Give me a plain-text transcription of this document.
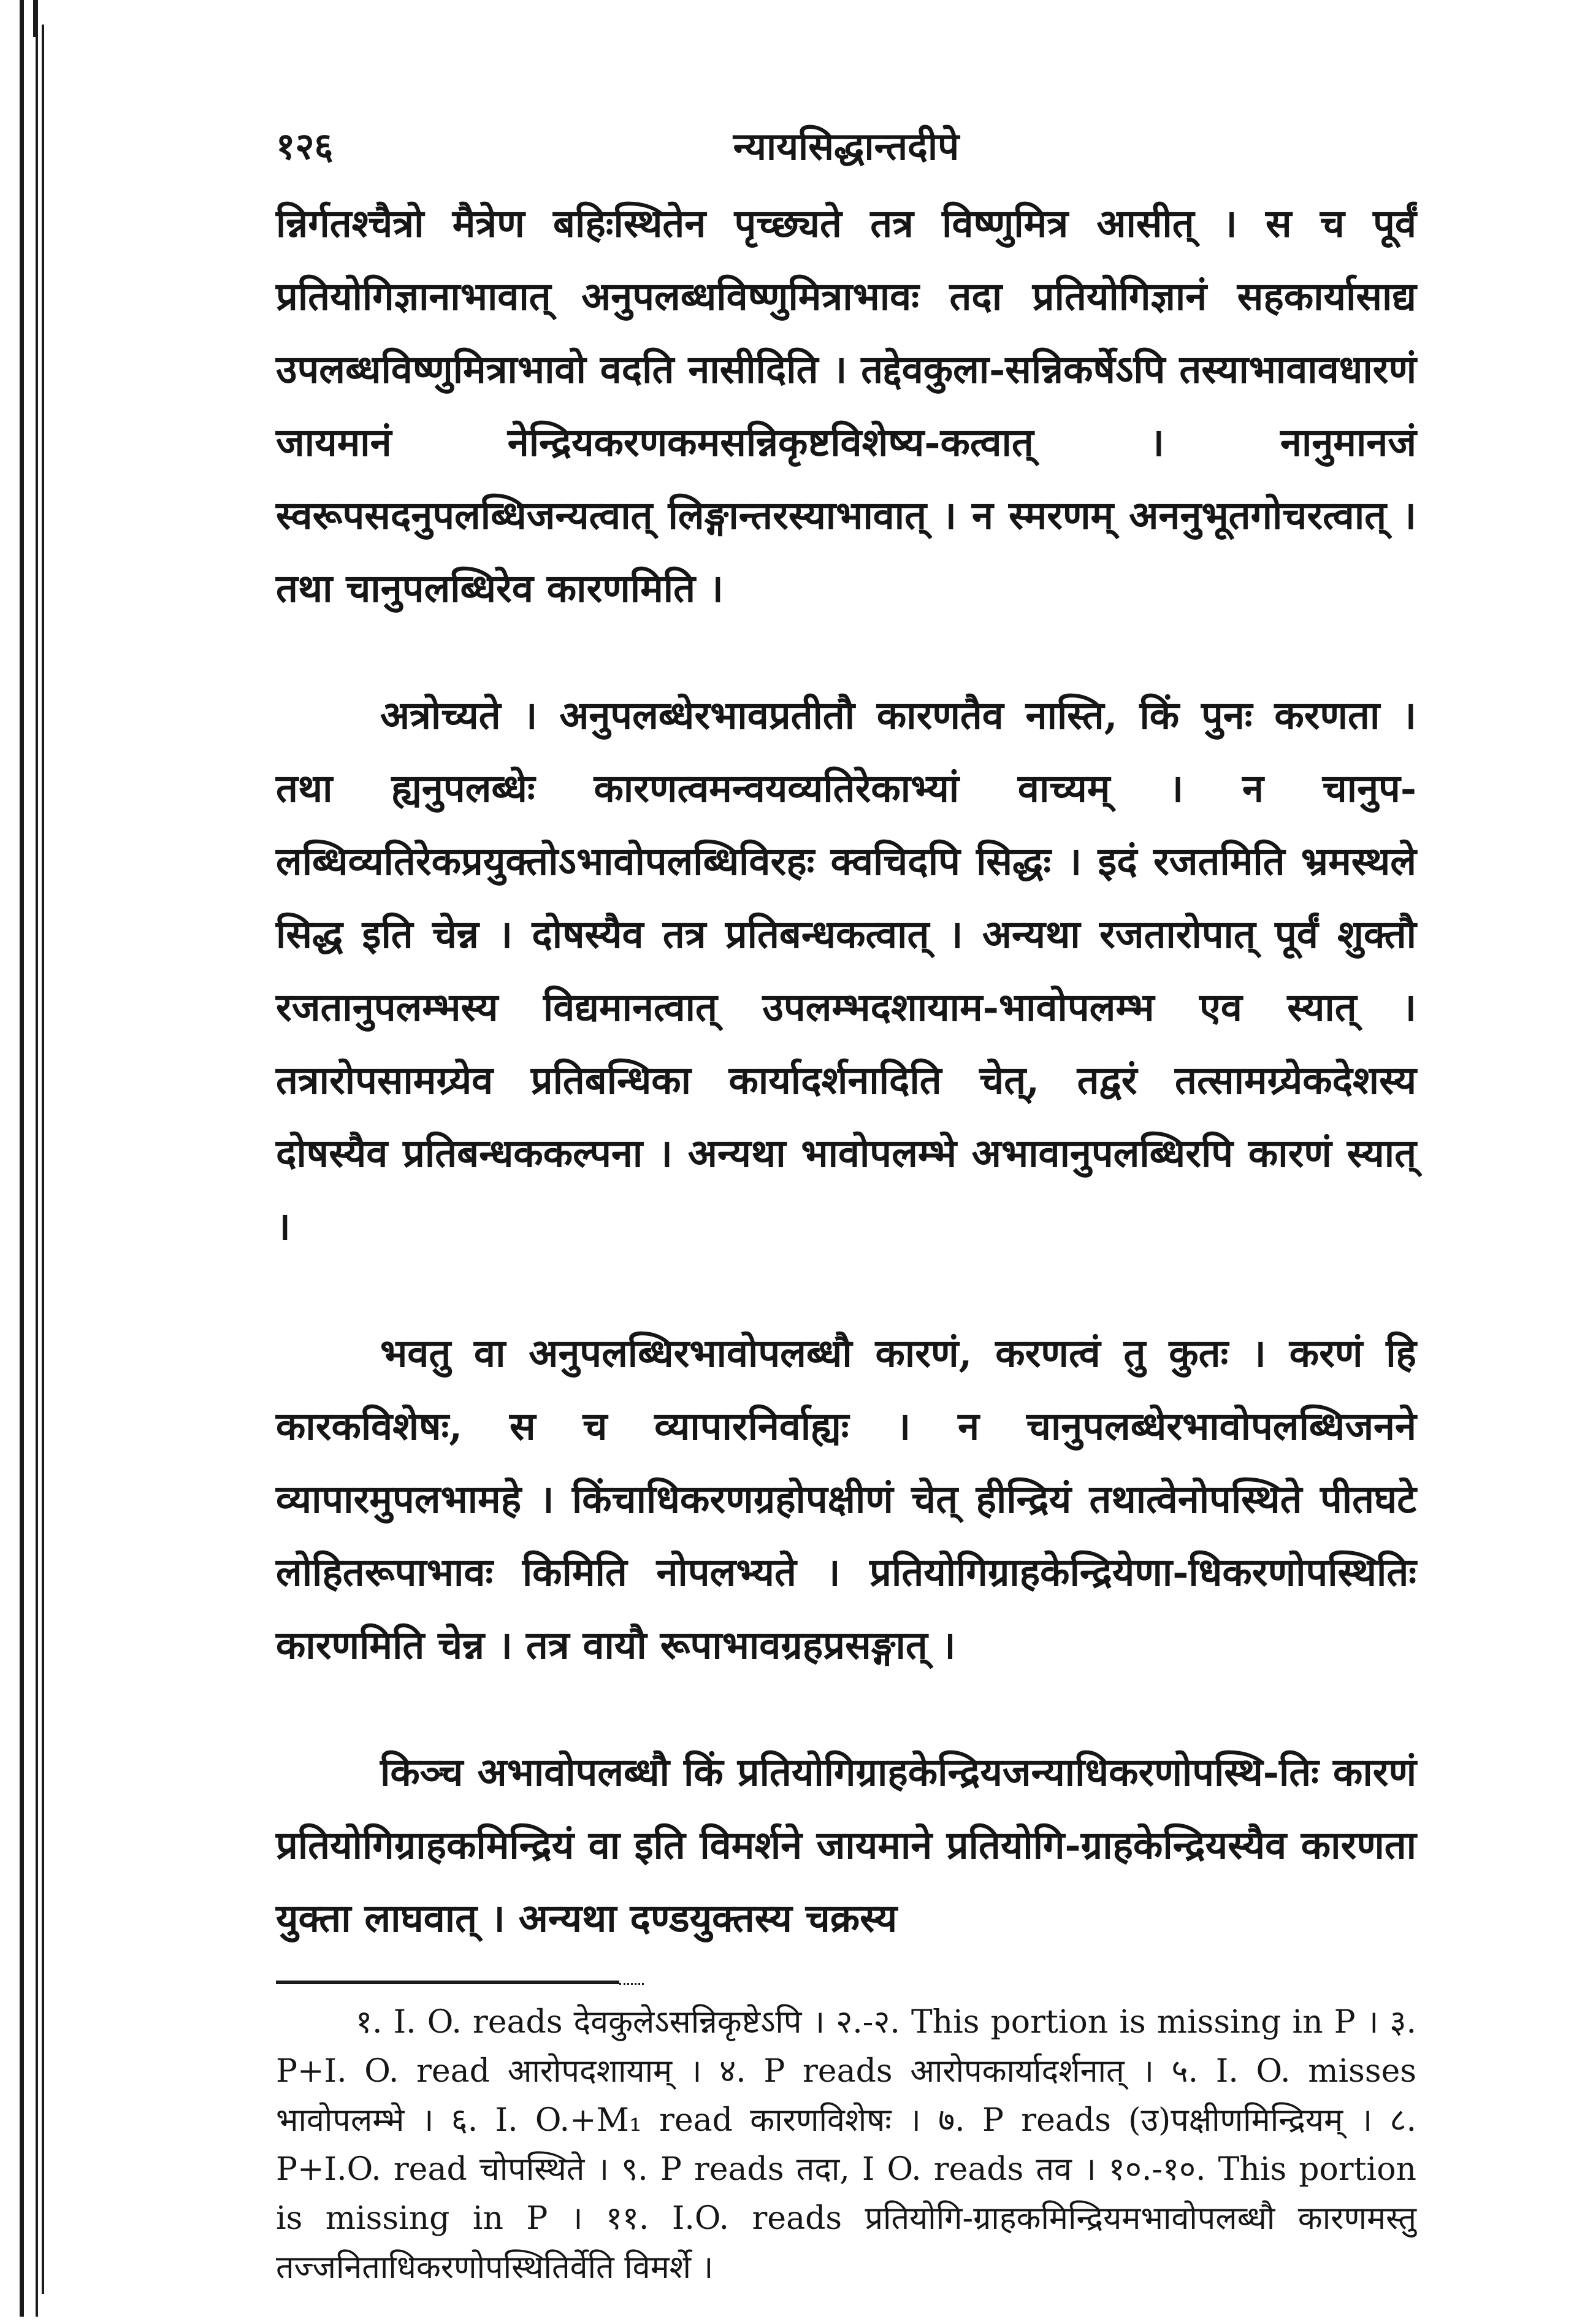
१२६	न्यायसिद्धान्तदीपे

न्निर्गतश्चैत्रो मैत्रेण बहिःस्थितेन पृच्छ्यते तत्र विष्णुमित्र आसीत् । स च पूर्वं प्रतियोगिज्ञानाभावात् अनुपलब्धविष्णुमित्राभावः तदा प्रतियोगिज्ञानं सहकार्यासाद्य उपलब्धविष्णुमित्राभावो वदति नासीदिति । तद्देवकुला-सन्निकर्षेऽपि तस्याभावावधारणं जायमानं नेन्द्रियकरणकमसन्निकृष्टविशेष्य-कत्वात् । नानुमानजं स्वरूपसदनुपलब्धिजन्यत्वात् लिङ्गान्तरस्याभावात् । न स्मरणम् अननुभूतगोचरत्वात् । तथा चानुपलब्धिरेव कारणमिति ।

अत्रोच्यते । अनुपलब्धेरभावप्रतीतौ कारणतैव नास्ति, किं पुनः करणता । तथा ह्यनुपलब्धेः कारणत्वमन्वयव्यतिरेकाभ्यां वाच्यम् । न चानुप-लब्धिव्यतिरेकप्रयुक्तोऽभावोपलब्धिविरहः क्वचिदपि सिद्धः । इदं रजतमिति भ्रमस्थले सिद्ध इति चेन्न । दोषस्यैव तत्र प्रतिबन्धकत्वात् । अन्यथा रजतारोपात् पूर्वं शुक्तौ रजतानुपलम्भस्य विद्यमानत्वात् उपलम्भदशायाम-भावोपलम्भ एव स्यात् । तत्रारोपसामग्र्येव प्रतिबन्धिका कार्यादर्शनादिति चेत्, तद्वरं तत्सामग्र्येकदेशस्य दोषस्यैव प्रतिबन्धककल्पना । अन्यथा भावोपलम्भे अभावानुपलब्धिरपि कारणं स्यात् ।

भवतु वा अनुपलब्धिरभावोपलब्धौ कारणं, करणत्वं तु कुतः । करणं हि कारकविशेषः, स च व्यापारनिर्वाह्यः । न चानुपलब्धेरभावोपलब्धिजनने व्यापारमुपलभामहे । किंचाधिकरणग्रहोपक्षीणं चेत् हीन्द्रियं तथात्वेनोपस्थिते पीतघटे लोहितरूपाभावः किमिति नोपलभ्यते । प्रतियोगिग्राहकेन्द्रियेणा-धिकरणोपस्थितिः कारणमिति चेन्न । तत्र वायौ रूपाभावग्रहप्रसङ्गात् ।

किञ्च अभावोपलब्धौ किं प्रतियोगिग्राहकेन्द्रियजन्याधिकरणोपस्थि-तिः कारणं प्रतियोगिग्राहकमिन्द्रियं वा इति विमर्शने जायमाने प्रतियोगि-ग्राहकेन्द्रियस्यैव कारणता युक्ता लाघवात् । अन्यथा दण्डयुक्तस्य चक्रस्य

१. I. O. reads देवकुलेऽसन्निकृष्टेऽपि । २.-२. This portion is missing in P । ३. P+I. O. read आरोपदशायाम् । ४. P reads आरोपकार्यादर्शनात् । ५. I. O. misses भावोपलम्भे । ६. I. O.+M₁ read कारणविशेषः । ७. P reads (उ)पक्षीणमिन्द्रियम् । ८. P+I.O. read चोपस्थिते । ९. P reads तदा, I O. reads तव । १०.-१०. This portion is missing in P । ११. I.O. reads प्रतियोगि-ग्राहकमिन्द्रियमभावोपलब्धौ कारणमस्तु तज्जनिताधिकरणोपस्थितिर्वेति विमर्शे ।
